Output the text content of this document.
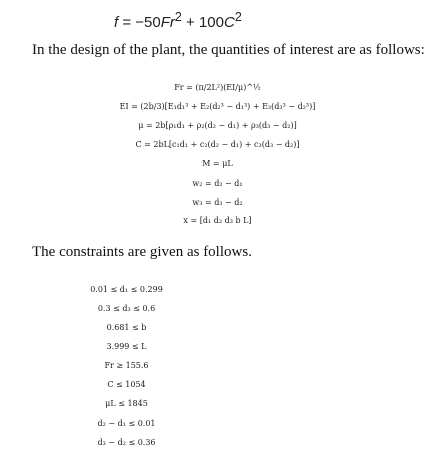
$f = -50Fr^2 + 100C^2$
In the design of the plant, the quantities of interest are as follows:
Fr = (π/2L²)(EI/μ)^½
EI = (2b/3)[E₁d₁³ + E₂(d₂³ − d₁³) + E₃(d₃³ − d₂³)]
μ = 2b[ρ₁d₁ + ρ₂(d₂ − d₁) + ρ₃(d₃ − d₂)]
C = 2bL[c₁d₁ + c₂(d₂ − d₁) + c₃(d₃ − d₂)]
M = μL
w₂ = d₂ − d₁
w₃ = d₃ − d₂
x = [d₁ d₂ d₃ b L]
The constraints are given as follows.
0.01 ≤ d₁ ≤ 0.299
0.3 ≤ d₃ ≤ 0.6
0.681 ≤ b
3.999 ≤ L
Fr ≥ 155.6
C ≤ 1054
μL ≤ 1845
d₂ − d₁ ≤ 0.01
d₃ − d₂ ≤ 0.36
